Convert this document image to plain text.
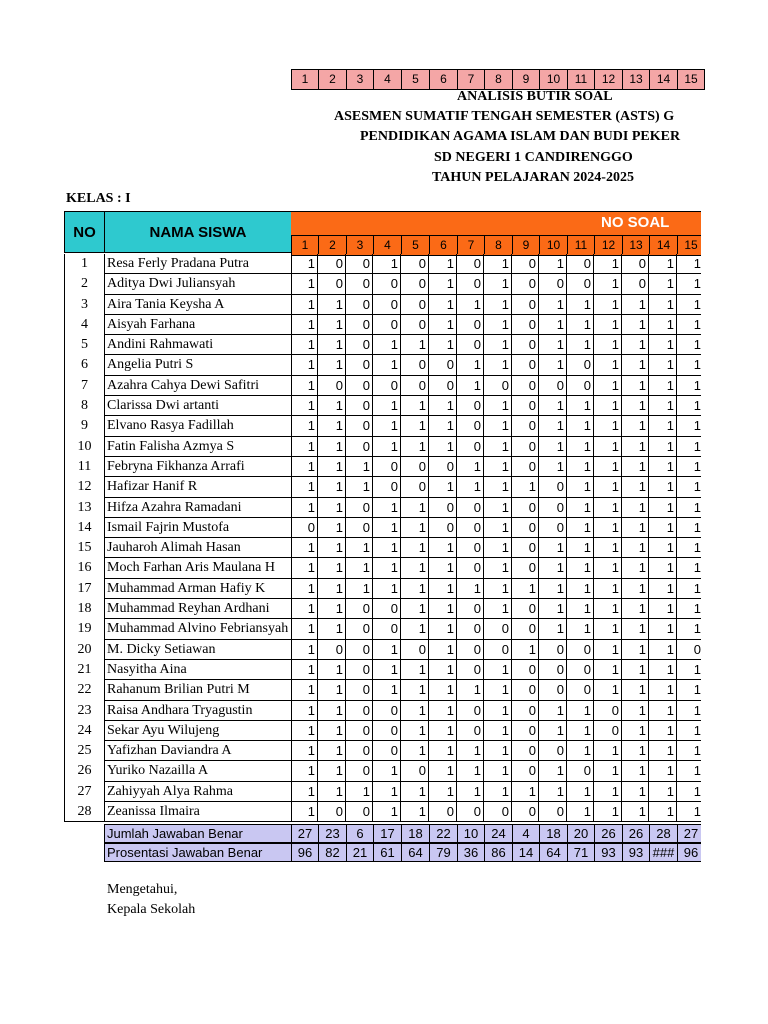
1	2	3	4	5	6	7	8	9	10	11	12	13	14	15
ANALISIS BUTIR SOAL
ASESMEN SUMATIF TENGAH SEMESTER (ASTS) G
PENDIDIKAN AGAMA ISLAM DAN BUDI PEKER
SD NEGERI 1 CANDIRENGGO
TAHUN PELAJARAN 2024-2025
KELAS : I
NO	NAMA SISWA
NO SOAL
1	2	3	4	5	6	7	8	9	10	11	12	13	14	15
1	Resa Ferly Pradana Putra	1	0	0	1	0	1	0	1	0	1	0	1	0	1	1
2	Aditya Dwi Juliansyah	1	0	0	0	0	1	0	1	0	0	0	1	0	1	1
3	Aira Tania Keysha A	1	1	0	0	0	1	1	1	0	1	1	1	1	1	1
4	Aisyah Farhana	1	1	0	0	0	1	0	1	0	1	1	1	1	1	1
5	Andini Rahmawati	1	1	0	1	1	1	0	1	0	1	1	1	1	1	1
6	Angelia Putri S	1	1	0	1	0	0	1	1	0	1	0	1	1	1	1
7	Azahra Cahya Dewi Safitri	1	0	0	0	0	0	1	0	0	0	0	1	1	1	1
8	Clarissa Dwi artanti	1	1	0	1	1	1	0	1	0	1	1	1	1	1	1
9	Elvano Rasya Fadillah	1	1	0	1	1	1	0	1	0	1	1	1	1	1	1
10	Fatin Falisha Azmya S	1	1	0	1	1	1	0	1	0	1	1	1	1	1	1
11	Febryna Fikhanza Arrafi	1	1	1	0	0	0	1	1	0	1	1	1	1	1	1
12	Hafizar Hanif R	1	1	1	0	0	1	1	1	1	0	1	1	1	1	1
13	Hifza Azahra Ramadani	1	1	0	1	1	0	0	1	0	0	1	1	1	1	1
14	Ismail Fajrin Mustofa	0	1	0	1	1	0	0	1	0	0	1	1	1	1	1
15	Jauharoh Alimah Hasan	1	1	1	1	1	1	0	1	0	1	1	1	1	1	1
16	Moch Farhan Aris Maulana H	1	1	1	1	1	1	0	1	0	1	1	1	1	1	1
17	Muhammad Arman Hafiy K	1	1	1	1	1	1	1	1	1	1	1	1	1	1	1
18	Muhammad Reyhan Ardhani	1	1	0	0	1	1	0	1	0	1	1	1	1	1	1
19	Muhammad Alvino Febriansyah	1	1	0	0	1	1	0	0	0	1	1	1	1	1	1
20	M. Dicky Setiawan	1	0	0	1	0	1	0	0	1	0	0	1	1	1	0
21	Nasyitha Aina	1	1	0	1	1	1	0	1	0	0	0	1	1	1	1
22	Rahanum Brilian Putri M	1	1	0	1	1	1	1	1	0	0	0	1	1	1	1
23	Raisa Andhara Tryagustin	1	1	0	0	1	1	0	1	0	1	1	0	1	1	1
24	Sekar Ayu Wilujeng	1	1	0	0	1	1	0	1	0	1	1	0	1	1	1
25	Yafizhan Daviandra A	1	1	0	0	1	1	1	1	0	0	1	1	1	1	1
26	Yuriko Nazailla A	1	1	0	1	0	1	1	1	0	1	0	1	1	1	1
27	Zahiyyah Alya Rahma	1	1	1	1	1	1	1	1	1	1	1	1	1	1	1
28	Zeanissa Ilmaira	1	0	0	1	1	0	0	0	0	0	1	1	1	1	1
Jumlah Jawaban Benar	27	23	6	17	18	22	10	24	4	18	20	26	26	28	27
Prosentasi Jawaban Benar	96	82	21	61	64	79	36	86	14	64	71	93	93 ### 96
Mengetahui,
Kepala Sekolah
